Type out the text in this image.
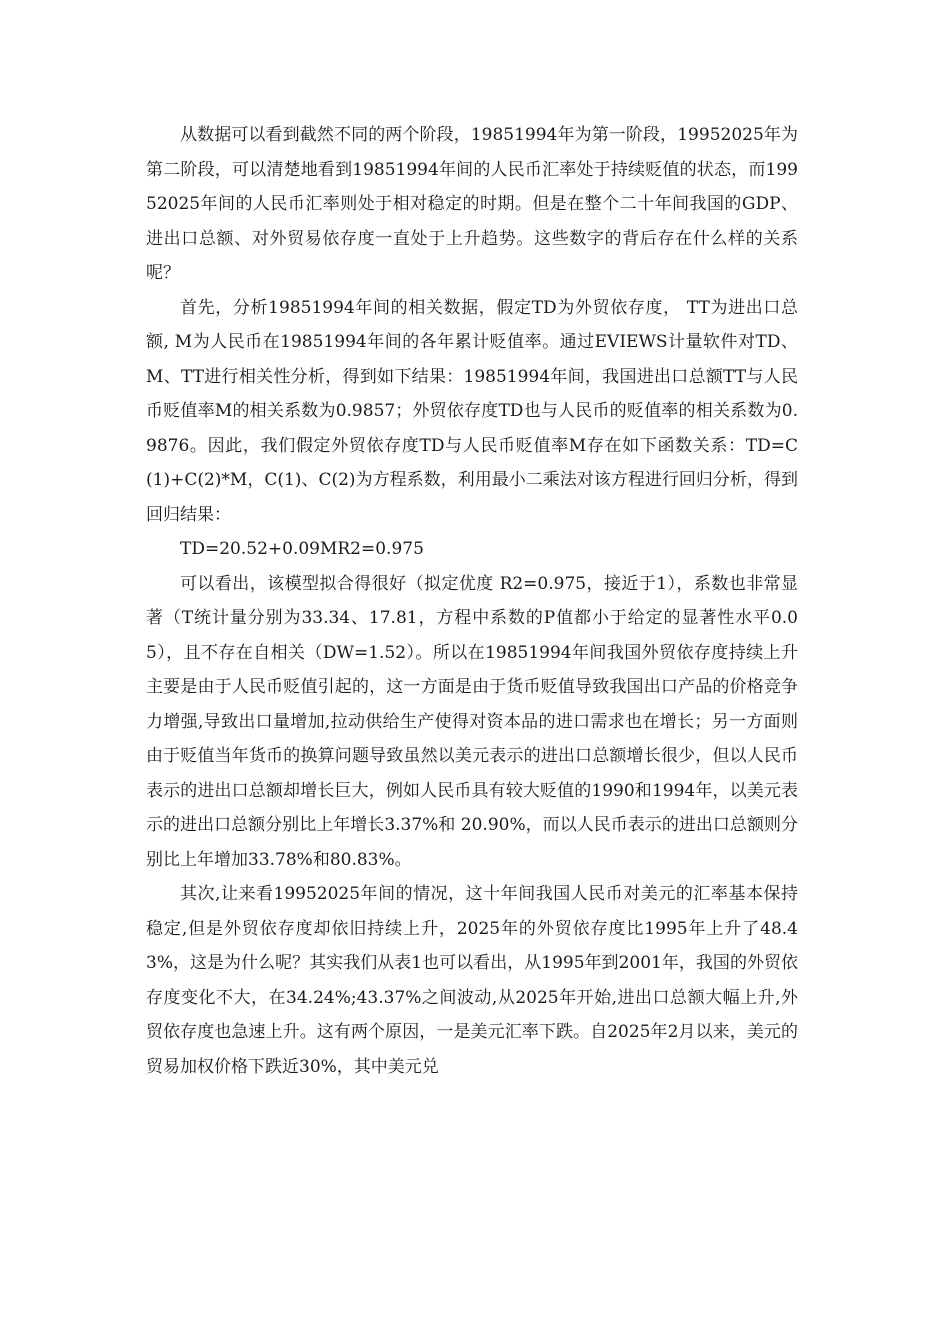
从数据可以看到截然不同的两个阶段，19851994年为第一阶段，19952025年为第二阶段，可以清楚地看到19851994年间的人民币汇率处于持续贬值的状态，而19952025年间的人民币汇率则处于相对稳定的时期。但是在整个二十年间我国的GDP、进出口总额、对外贸易依存度一直处于上升趋势。这些数字的背后存在什么样的关系呢？

首先，分析19851994年间的相关数据，假定TD为外贸依存度， TT为进出口总额, M为人民币在19851994年间的各年累计贬值率。通过EVIEWS计量软件对TD、M、TT进行相关性分析，得到如下结果：19851994年间，我国进出口总额TT与人民币贬值率M的相关系数为0.9857；外贸依存度TD也与人民币的贬值率的相关系数为0.9876。因此，我们假定外贸依存度TD与人民币贬值率M存在如下函数关系：TD=C(1)+C(2)*M，C(1)、C(2)为方程系数，利用最小二乘法对该方程进行回归分析，得到回归结果：

TD=20.52+0.09MR2=0.975

可以看出，该模型拟合得很好（拟定优度 R2=0.975，接近于1），系数也非常显著（T统计量分别为33.34、17.81，方程中系数的P值都小于给定的显著性水平0.05），且不存在自相关（DW=1.52）。所以在19851994年间我国外贸依存度持续上升主要是由于人民币贬值引起的，这一方面是由于货币贬值导致我国出口产品的价格竞争力增强,导致出口量增加,拉动供给生产使得对资本品的进口需求也在增长；另一方面则由于贬值当年货币的换算问题导致虽然以美元表示的进出口总额增长很少，但以人民币表示的进出口总额却增长巨大，例如人民币具有较大贬值的1990和1994年，以美元表示的进出口总额分别比上年增长3.37%和 20.90%，而以人民币表示的进出口总额则分别比上年增加33.78%和80.83%。

其次,让来看19952025年间的情况，这十年间我国人民币对美元的汇率基本保持稳定,但是外贸依存度却依旧持续上升，2025年的外贸依存度比1995年上升了48.43%，这是为什么呢？其实我们从表1也可以看出，从1995年到2001年，我国的外贸依存度变化不大，在34.24%;43.37%之间波动,从2025年开始,进出口总额大幅上升,外贸依存度也急速上升。这有两个原因，一是美元汇率下跌。自2025年2月以来，美元的贸易加权价格下跌近30%，其中美元兑
